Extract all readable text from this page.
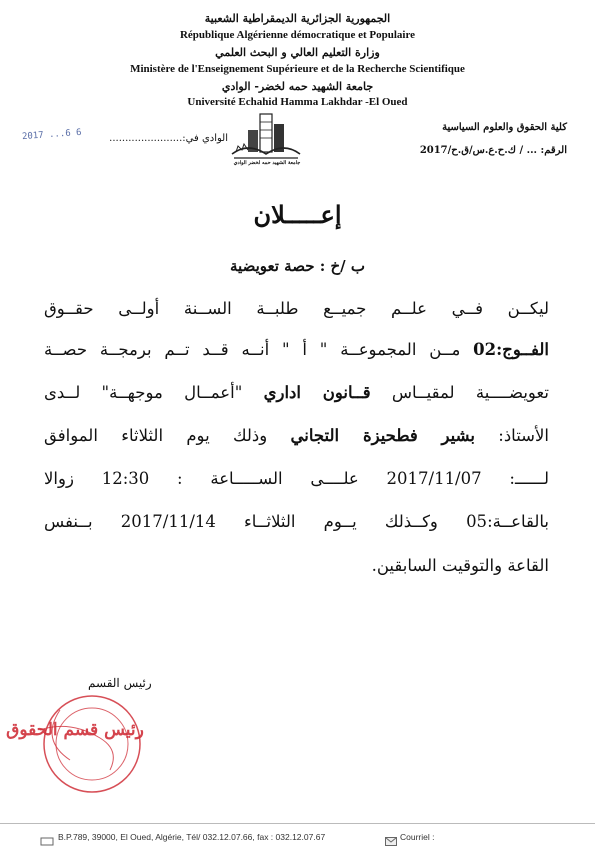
الجمهورية الجزائرية الديمقراطية الشعبية
République Algérienne démocratique et Populaire
وزارة التعليم العالي و البحث العلمي
Ministère de l'Enseignement Supérieure et de la Recherche Scientifique
جامعة الشهيد حمه لخضر- الوادي
Université Echahid Hamma Lakhdar -El Oued
كلية الحقوق والعلوم السياسية
الرقم: ... / ك.ح.ع.س/ق.ح/2017
الوادي في:.......................
2017 ...6 6
جامعة الشهيد حمه لخضر الوادي
إعـــــلان
ب /خ : حصة تعويضية
ليكــن فــي علــم جميــع طلبــة الســنة أولــى حقــوق
الفــوج:02 مــن المجموعــة " أ " أنــه قــد تــم برمجــة حصــة
تعويضــــية لمقيــاس قــانون اداري "أعمــال موجهــة" لــدى
الأستاذ: بشير فطحيزة التجاني وذلك يوم الثلاثاء الموافق
لــــــ: 2017/11/07 علــــى الســـــاعة : 12:30 زوالا
بالقاعــة:05 وكــذلك يــوم الثلاثــاء 2017/11/14 بــنفس
القاعة والتوقيت السابقين.
رئيس القسم
رئيس قسم الحقوق
B.P.789, 39000, El Oued, Algérie, Tél/ 032.12.07.66, fax : 032.12.07.67	Courriel :
